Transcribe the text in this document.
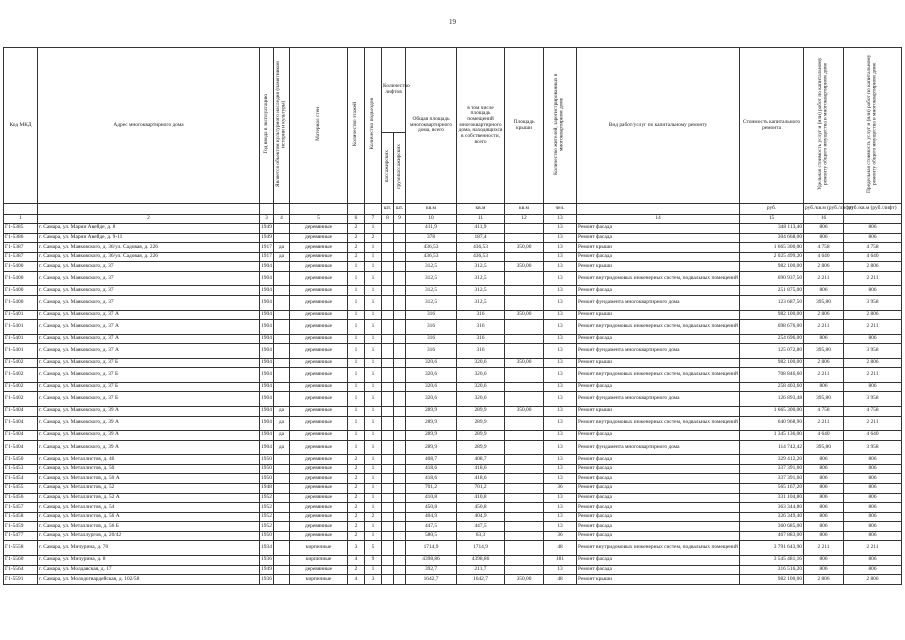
19
Код МКД	Адрес многоквартирного дома	Год ввода в эксплуатацию	Является объектом культурного наследия (памятником истории и культуры)	Материал стен	Количество этажей	Количество подъездов	Количество лифтов		Общая площадь многоквартирного дома, всего	в том числе площадь помещений многоквартирного дома, находящихся в собственности, всего	Площадь крыши	Количество жителей, зарегистрированных в многоквартирном доме	Вид работ/услуг по капитальному ремонту	Стоимость капитального ремонта	Удельная стоимость услуг и (или) работ по капитальному ремонту общего имущества в многоквартирном доме	Предельная стоимость услуг и (или) работ по капитальному ремонту общего имущества в многоквартирном доме
							пассажирских	грузопассажирских								
							шт.	шт.	кв.м	кв.м	кв.м	чел.		руб.	руб./кв.м (руб./лифт)	руб./кв.м (руб./лифт)
1	2	3	4	5	6	7	8	9	10	11	12	13	14	15	16	
Г1-5385	г. Самара, ул. Марии Авейде, д. 8	1949		деревянные	2	1			411,9	411,9		13	Ремонт фасада	348 113,40	806	806
Г1-5386	г. Самара, ул. Марии Авейде, д. 9-11	1949		деревянные	2	2			378	187,4		13	Ремонт фасада	304 668,00	806	806
Г1-5387	г. Самара, ул. Маяковского, д. 36/ул. Садовая, д. 226	1917	да	деревянные	2	1			436,53	436,53	350,00	13	Ремонт крыши	1 665 300,00	4 758	4 758
Г1-5387	г. Самара, ул. Маяковского, д. 36/ул. Садовая, д. 226	1917	да	деревянные	2	1			436,53	436,53		13	Ремонт фасада	2 025 499,20	4 640	4 640
Г1-5400	г. Самара, ул. Маяковского, д. 37	1904		деревянные	1	1			312,5	312,5	350,00	13	Ремонт крыши	982 100,00	2 806	2 806
Г1-5400	г. Самара, ул. Маяковского, д. 37	1904		деревянные	1	1			312,5	312,5		13	Ремонт внутридомовых инженерных систем, подвальных помещений	690 937,50	2 211	2 211
Г1-5400	г. Самара, ул. Маяковского, д. 37	1904		деревянные	1	1			312,5	312,5		13	Ремонт фасада	251 875,00	806	806
Г1-5400	г. Самара, ул. Маяковского, д. 37	1904		деревянные	1	1			312,5	312,5		13	Ремонт фундамента многоквартирного дома	123 687,50	395,80	3 958
Г1-5401	г. Самара, ул. Маяковского, д. 37 А	1904		деревянные	1	1			316	316	350,00	13	Ремонт крыши	982 100,00	2 806	2 806
Г1-5401	г. Самара, ул. Маяковского, д. 37 А	1904		деревянные	1	1			316	316		13	Ремонт внутридомовых инженерных систем, подвальных помещений	698 676,00	2 211	2 211
Г1-5401	г. Самара, ул. Маяковского, д. 37 А	1904		деревянные	1	1			316	316		13	Ремонт фасада	254 696,00	806	806
Г1-5401	г. Самара, ул. Маяковского, д. 37 А	1904		деревянные	1	1			316	316		13	Ремонт фундамента многоквартирного дома	125 072,80	395,80	3 958
Г1-5402	г. Самара, ул. Маяковского, д. 37 Б	1904		деревянные	1	1			320,6	320,6	350,00	13	Ремонт крыши	982 100,00	2 806	2 806
Г1-5402	г. Самара, ул. Маяковского, д. 37 Б	1904		деревянные	1	1			320,6	320,6		13	Ремонт внутридомовых инженерных систем, подвальных помещений	708 846,60	2 211	2 211
Г1-5402	г. Самара, ул. Маяковского, д. 37 Б	1904		деревянные	1	1			320,6	320,6		13	Ремонт фасада	258 403,60	806	806
Г1-5402	г. Самара, ул. Маяковского, д. 37 Б	1904		деревянные	1	1			320,6	320,6		13	Ремонт фундамента многоквартирного дома	126 893,48	395,80	3 958
Г1-5404	г. Самара, ул. Маяковского, д. 39 А	1904	да	деревянные	1	1			289,9	289,9	350,00	13	Ремонт крыши	1 665 300,00	4 758	4 758
Г1-5404	г. Самара, ул. Маяковского, д. 39 А	1904	да	деревянные	1	1			289,9	289,9		13	Ремонт внутридомовых инженерных систем, подвальных помещений	640 968,90	2 211	2 211
Г1-5404	г. Самара, ул. Маяковского, д. 39 А	1904	да	деревянные	1	1			289,9	289,9		13	Ремонт фасада	1 345 136,00	4 640	4 640
Г1-5404	г. Самара, ул. Маяковского, д. 39 А	1904	да	деревянные	1	1			289,9	289,9		13	Ремонт фундамента многоквартирного дома	114 742,42	395,80	3 958
Г1-5450	г. Самара, ул. Металлистов, д. 46	1950		деревянные	2	1			408,7	408,7		13	Ремонт фасада	329 412,20	806	806
Г1-5453	г. Самара, ул. Металлистов, д. 50	1950		деревянные	2	1			418,6	418,6		13	Ремонт фасада	337 391,60	806	806
Г1-5454	г. Самара, ул. Металлистов, д. 50 А	1950		деревянные	2	1			418,6	418,6		13	Ремонт фасада	337 391,60	806	806
Г1-5455	г. Самара, ул. Металлистов, д. 52	1948		деревянные	2	1			701,2	701,2		36	Ремонт фасада	565 167,20	806	806
Г1-5456	г. Самара, ул. Металлистов, д. 52 А	1952		деревянные	2	1			410,8	410,8		13	Ремонт фасада	331 104,80	806	806
Г1-5457	г. Самара, ул. Металлистов, д. 54	1952		деревянные	2	1			450,8	450,8		13	Ремонт фасада	363 344,80	806	806
Г1-5458	г. Самара, ул. Металлистов, д. 56 А	1952		деревянные	2	2			404,9	404,9		13	Ремонт фасада	326 349,40	806	806
Г1-5459	г. Самара, ул. Металлистов, д. 56 Б	1952		деревянные	2	1			447,5	447,5		13	Ремонт фасада	360 685,00	806	806
Г1-5477	г. Самара, ул. Металлургов, д. 20/42	1950		деревянные	2	1			580,5	63,3		36	Ремонт фасада	467 883,00	806	806
Г1-5558	г. Самара, ул. Мичурина, д. 70	1934		кирпичные	3	5			1714,9	1714,9		48	Ремонт внутридомовых инженерных систем, подвальных помещений	3 791 643,90	2 211	2 211
Г1-5560	г. Самара, ул. Мичурина, д. 8	1936		кирпичные	4	9			4398,86	4398,86		181	Ремонт фасада	3 545 481,16	806	806
Г1-5564	г. Самара, ул. Молдавская, д. 17	1949		деревянные	2	1			392,7	211,7		13	Ремонт фасада	316 516,20	806	806
Г1-5591	г. Самара, ул. Молодогвардейская, д. 102/58	1936		кирпичные	4	3			1642,7	1642,7	350,00	48	Ремонт крыши	982 100,00	2 806	2 806
